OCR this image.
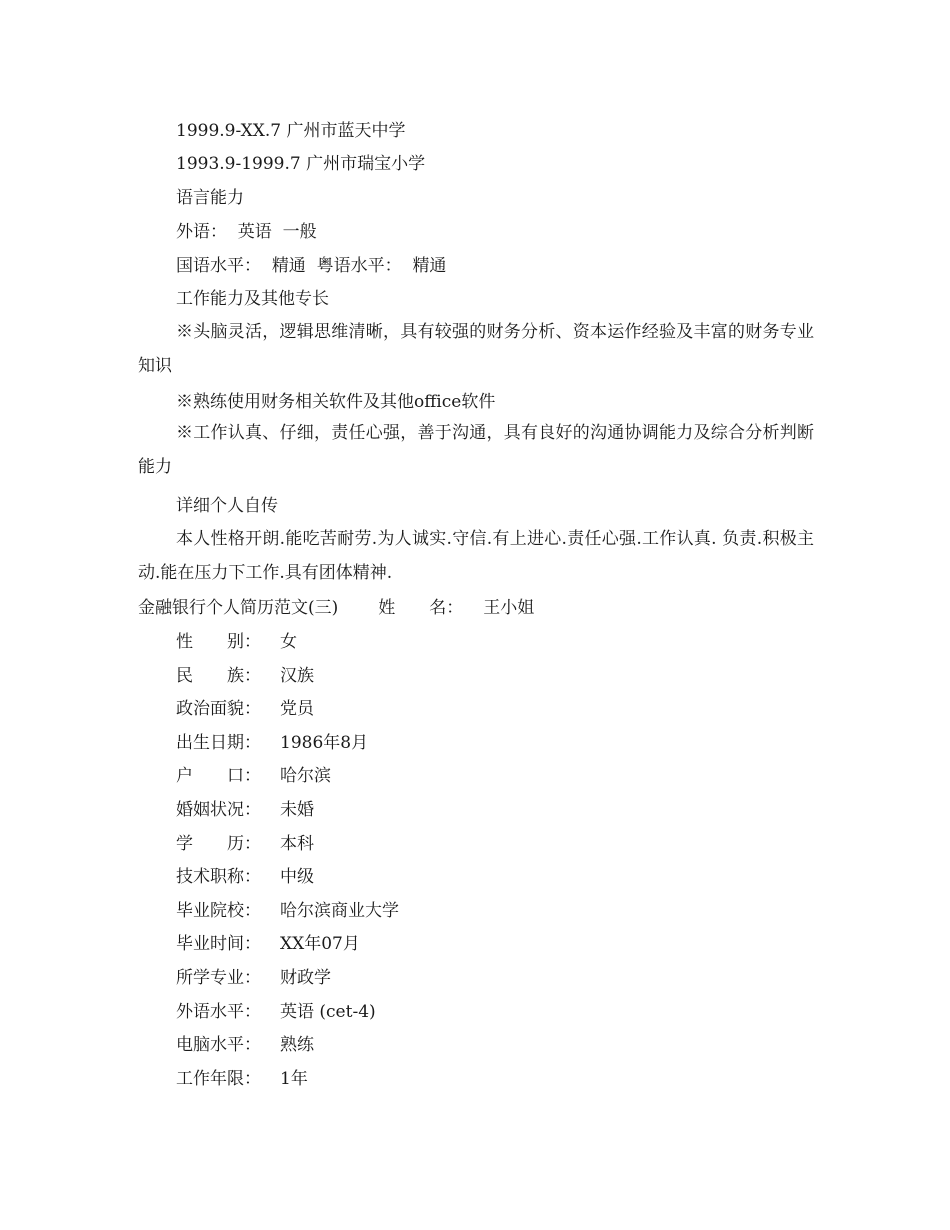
1999.9-XX.7 广州市蓝天中学
1993.9-1999.7 广州市瑞宝小学
语言能力
外语：  英语  一般
国语水平： 精通 粤语水平： 精通
工作能力及其他专长
※头脑灵活，逻辑思维清晰，具有较强的财务分析、资本运作经验及丰富的财务专业知识
※熟练使用财务相关软件及其他office软件
※工作认真、仔细，责任心强，善于沟通，具有良好的沟通协调能力及综合分析判断能力
详细个人自传
本人性格开朗.能吃苦耐劳.为人诚实.守信.有上进心.责任心强.工作认真. 负责.积极主动.能在压力下工作.具有团体精神.
金融银行个人简历范文(三) 姓　　名： 王小姐
性　　别： 女
民　　族： 汉族
政治面貌： 党员
出生日期： 1986年8月
户　　口： 哈尔滨
婚姻状况： 未婚
学　　历： 本科
技术职称： 中级
毕业院校： 哈尔滨商业大学
毕业时间： XX年07月
所学专业： 财政学
外语水平： 英语 (cet-4)
电脑水平： 熟练
工作年限： 1年
